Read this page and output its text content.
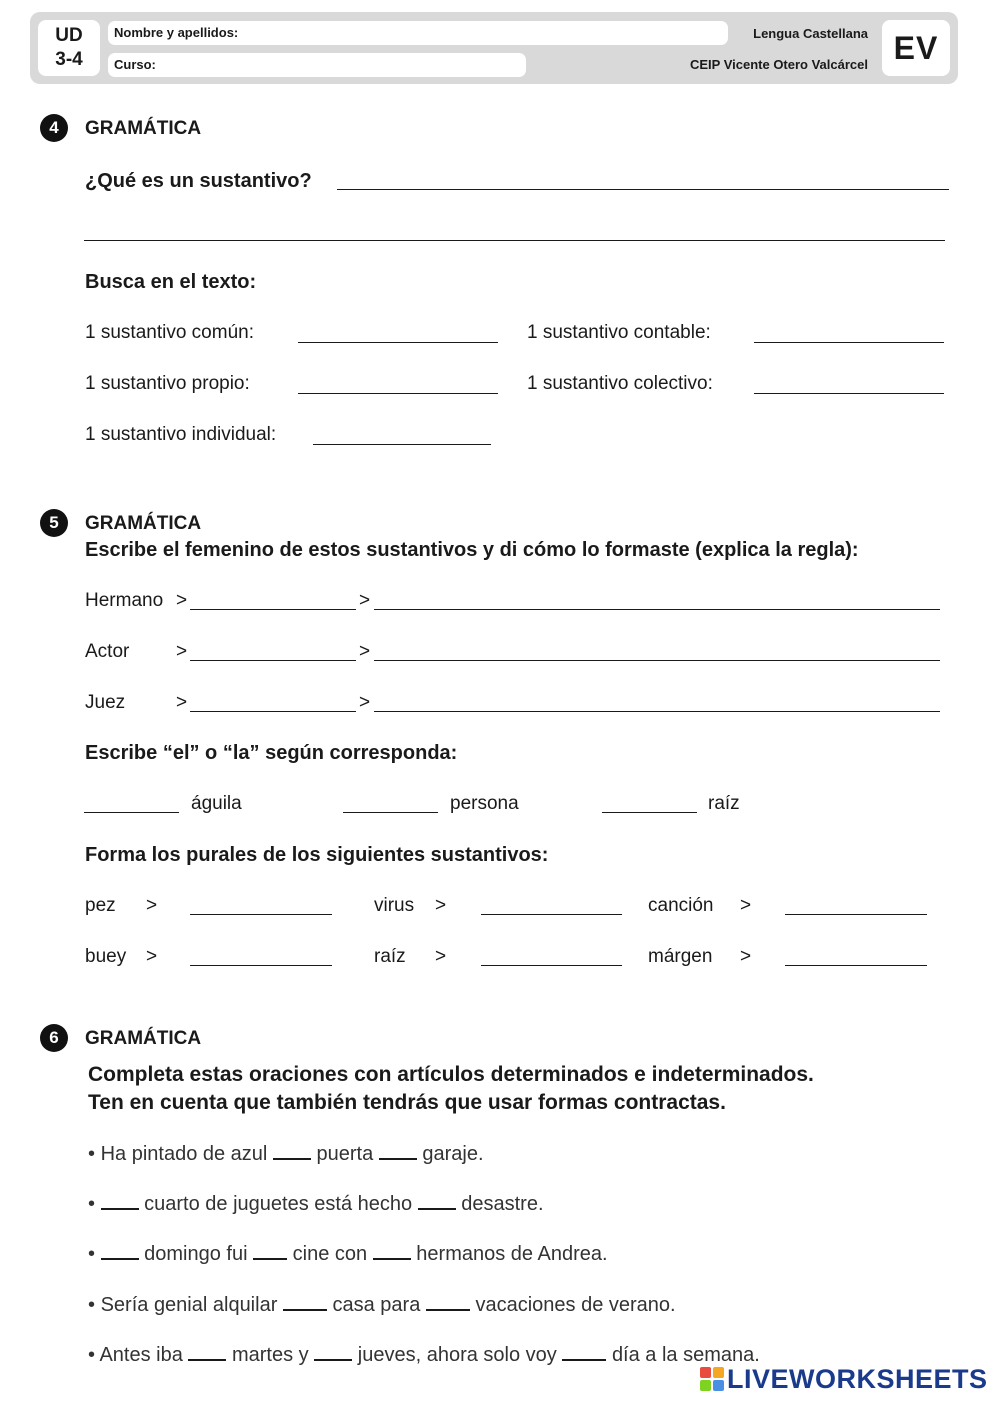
UD
3-4
Nombre y apellidos:
Curso:
Lengua Castellana
CEIP Vicente Otero Valcárcel EV
4	GRAMÁTICA
¿Qué es un sustantivo?
Busca en el texto:
1 sustantivo común:	1 sustantivo contable:
1 sustantivo propio:	1 sustantivo colectivo:
1 sustantivo individual:
5	GRAMÁTICA
Escribe el femenino de estos sustantivos y di cómo lo formaste (explica la regla):
Hermano >	>
Actor >	>
Juez	>	>
Escribe “el” o “la” según corresponda:
águila	persona	raíz
Forma los purales de los siguientes sustantivos:
pez >	virus >	canción >
buey >	raíz >	márgen >
6	GRAMÁTICA
Completa estas oraciones con artículos determinados e indeterminados.
Ten en cuenta que también tendrás que usar formas contractas.
• Ha pintado de azul puerta garaje.
• cuarto de juguetes está hecho desastre.
• domingo fui cine con hermanos de Andrea.
• Sería genial alquilar	casa para	vacaciones de verano.
• Antes iba martes y jueves, ahora solo voy	día a la semana.
LIVEWORKSHEETS
